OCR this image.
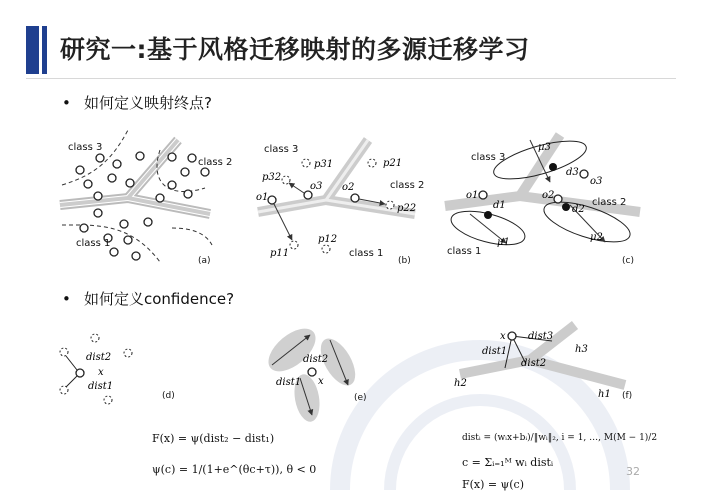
研究一:基于风格迁移映射的多源迁移学习
• 如何定义映射终点?
• 如何定义confidence?
class 3
class 2
class 1
(a)
class 3
class 2
class 1
p31
p32
p21
p22
p11
p12
o1
o3 o2
(b)
class 3
class 2
class 1
μ3
μ2
μ1
d1	d2
d3
o1	o2
o3
(c)
dist2
x
dist1
(d)
dist2
x
dist1
(e)
x dist3
dist1
dist2
h3
h2
h1 (f)
F(x) = ψ(dist₂ − dist₁)
ψ(c) = 1/(1+e^(θc+τ)), θ < 0
distᵢ = (wᵢx+bᵢ)/‖wᵢ‖₂, i = 1, …, M(M − 1)/2
c = Σᵢ₌₁ᴹ wᵢ distᵢ
F(x) = ψ(c)
32
